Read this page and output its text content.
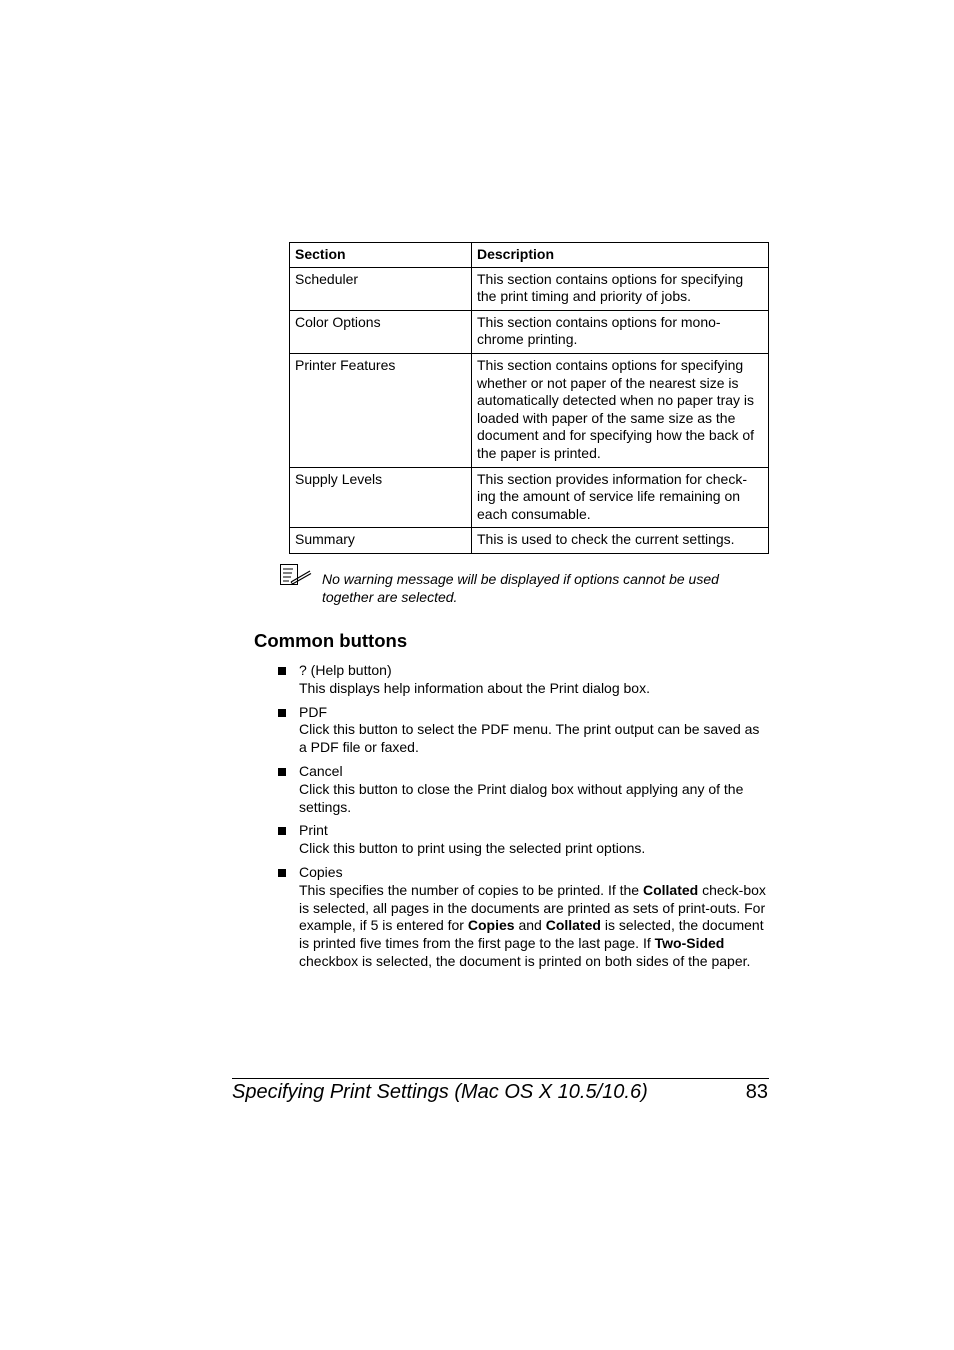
Section	Description
Scheduler	This section contains options for specifying the print timing and priority of jobs.
Color Options	This section contains options for mono-chrome printing.
Printer Features	This section contains options for specifying whether or not paper of the nearest size is automatically detected when no paper tray is loaded with paper of the same size as the document and for specifying how the back of the paper is printed.
Supply Levels	This section provides information for check-ing the amount of service life remaining on each consumable.
Summary	This is used to check the current settings.
No warning message will be displayed if options cannot be used together are selected.
Common buttons
? (Help button)
This displays help information about the Print dialog box.
PDF
Click this button to select the PDF menu. The print output can be saved as a PDF file or faxed.
Cancel
Click this button to close the Print dialog box without applying any of the settings.
Print
Click this button to print using the selected print options.
Copies
This specifies the number of copies to be printed. If the Collated check-box is selected, all pages in the documents are printed as sets of print-outs. For example, if 5 is entered for Copies and Collated is selected, the document is printed five times from the first page to the last page. If Two-Sided checkbox is selected, the document is printed on both sides of the paper.
Specifying Print Settings (Mac OS X 10.5/10.6)	83
